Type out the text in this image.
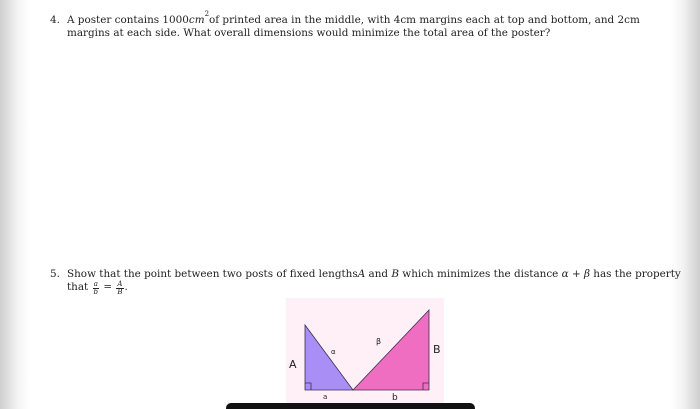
4. A poster contains 1000 cm 2 of printed area in the middle, with 4cm margins each at top and bottom, and 2cm
margins at each side. What overall dimensions would minimize the total area of the poster?
5. Show that the point between two posts of fixed lengths A and B which minimizes the distance α + β has the property
that $\frac{a}{b} = \frac{A}{B}$ .
A
B
a	b
α
β
